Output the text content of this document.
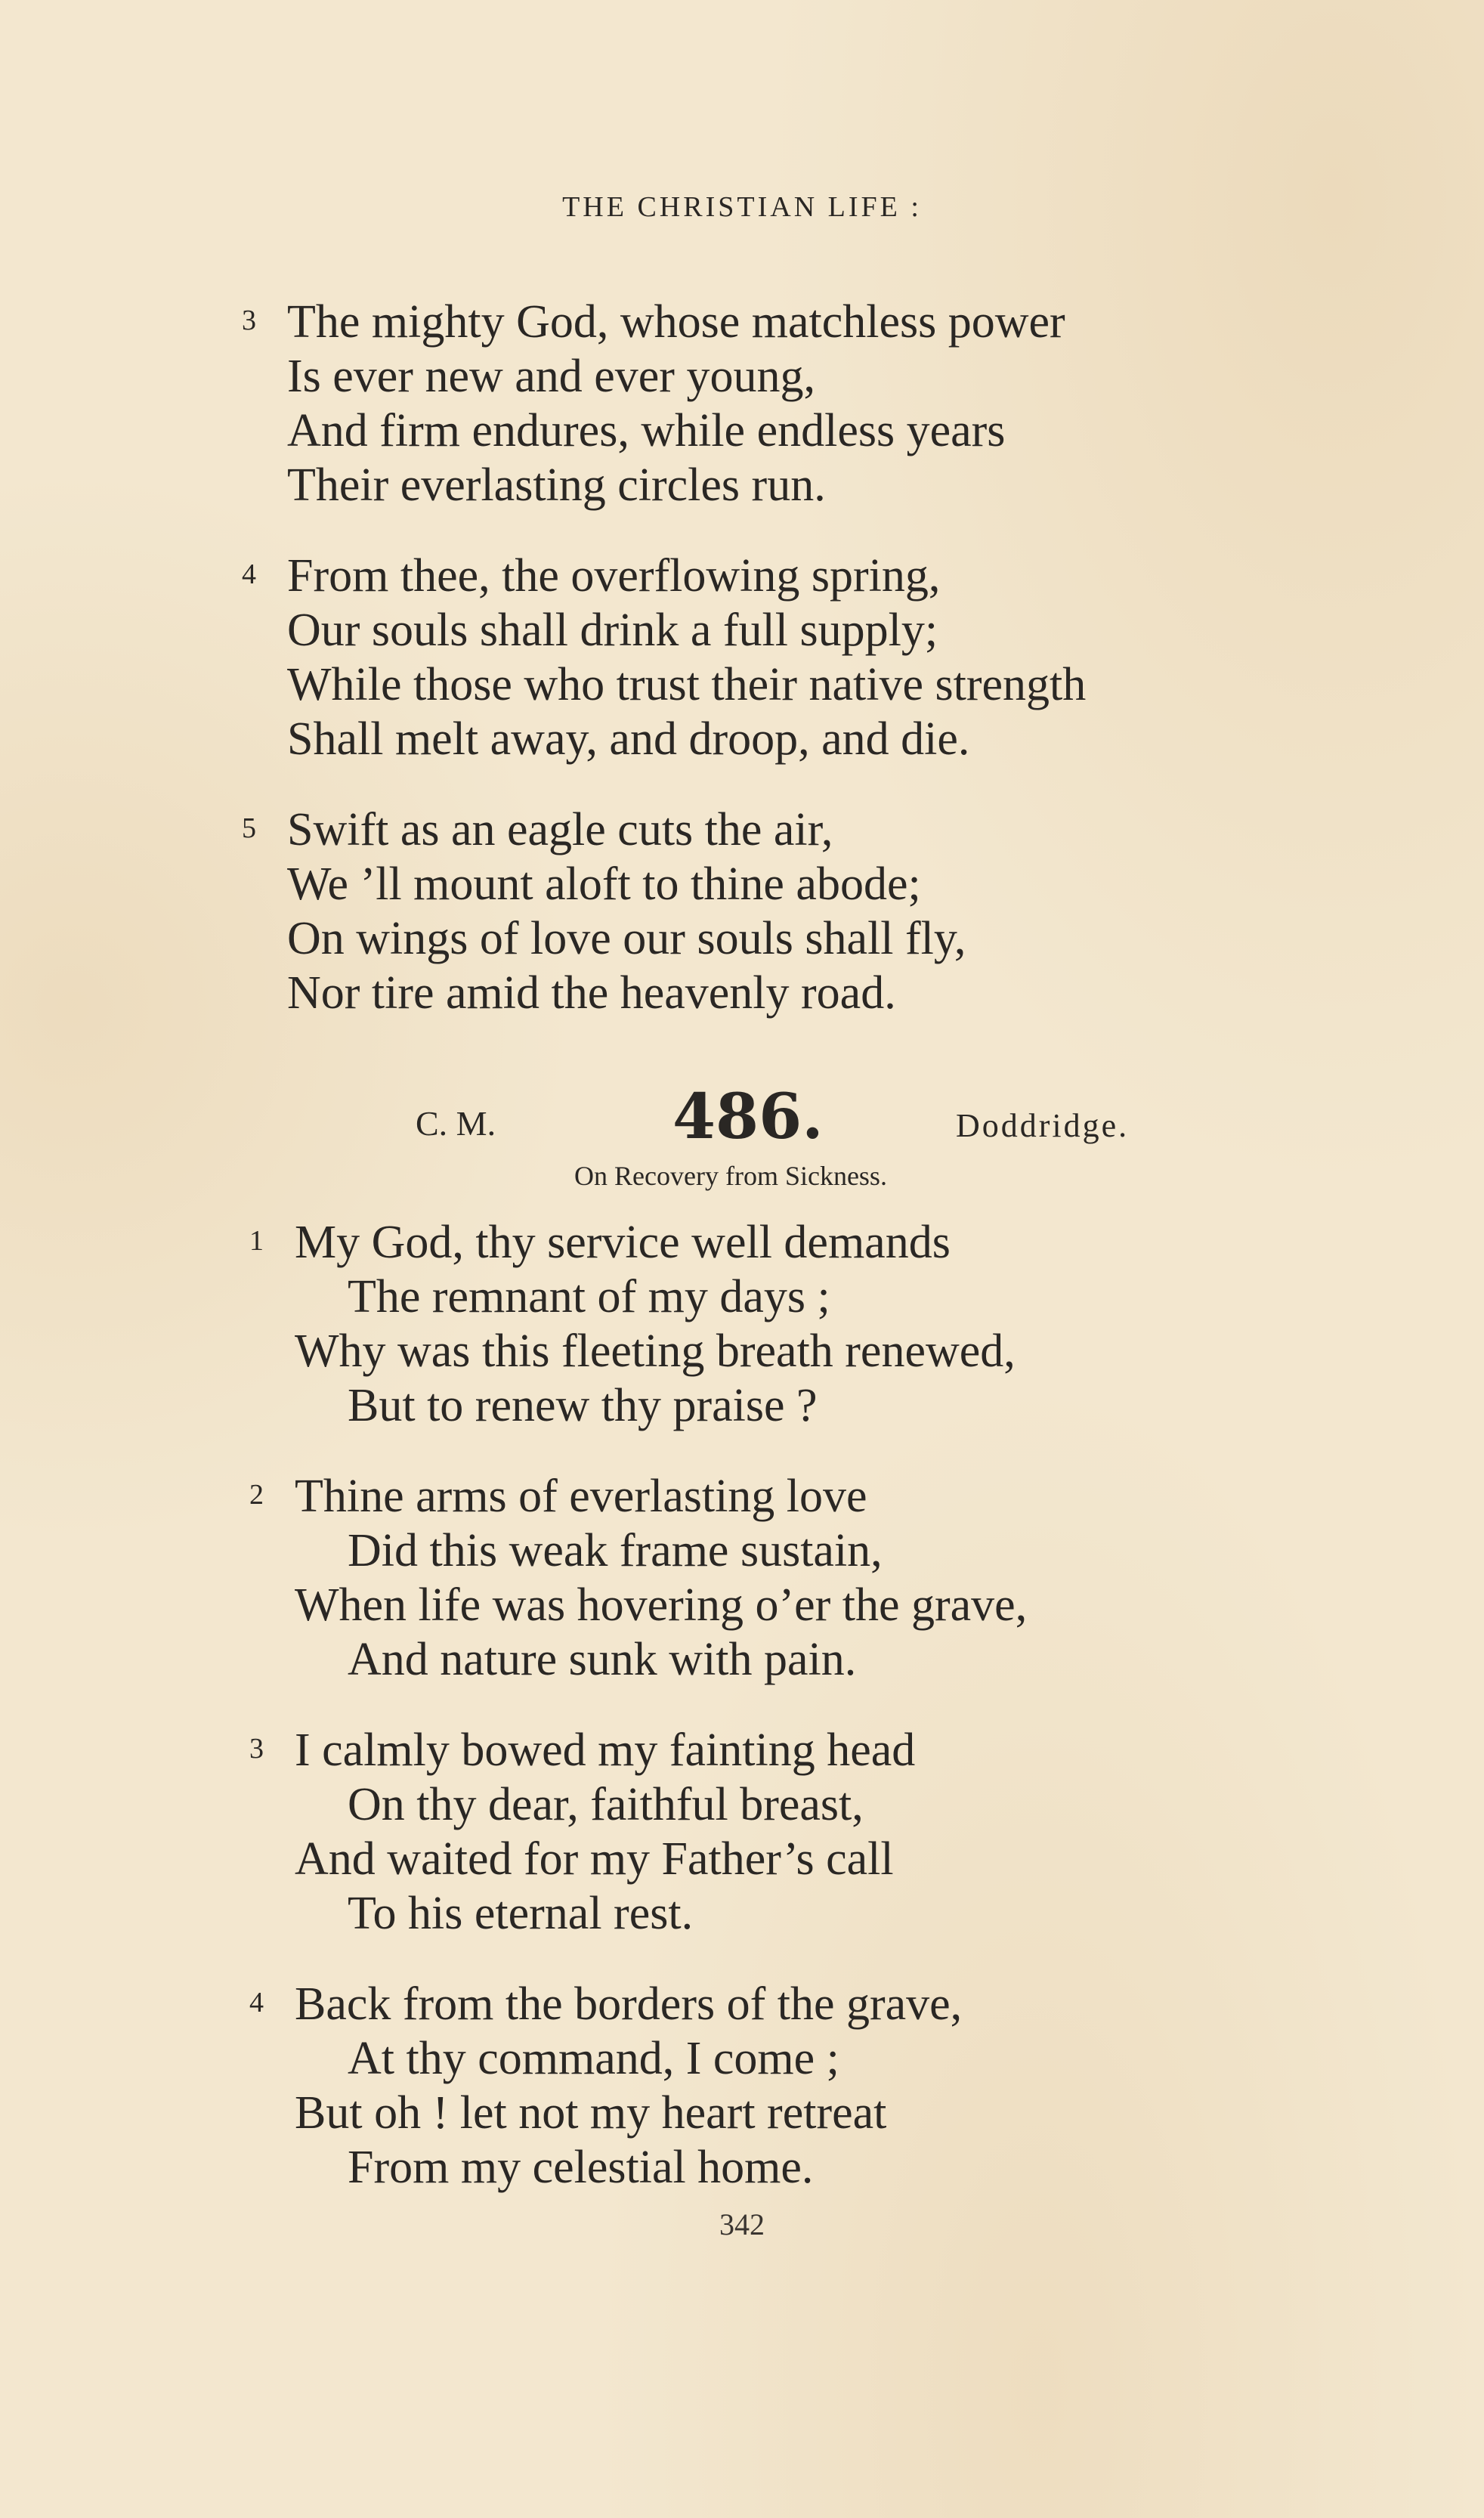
THE CHRISTIAN LIFE :
3 The mighty God, whose matchless power
Is ever new and ever young,
And firm endures, while endless years
Their everlasting circles run.
4 From thee, the overflowing spring,
Our souls shall drink a full supply;
While those who trust their native strength
Shall melt away, and droop, and die.
5 Swift as an eagle cuts the air,
We ’ll mount aloft to thine abode;
On wings of love our souls shall fly,
Nor tire amid the heavenly road.
C. M.	486.	Doddridge.
On Recovery from Sickness.
1 My God, thy service well demands
The remnant of my days ;
Why was this fleeting breath renewed,
But to renew thy praise ?
2 Thine arms of everlasting love
Did this weak frame sustain,
When life was hovering o’er the grave,
And nature sunk with pain.
3 I calmly bowed my fainting head
On thy dear, faithful breast,
And waited for my Father’s call
To his eternal rest.
4 Back from the borders of the grave,
At thy command, I come ;
But oh ! let not my heart retreat
From my celestial home.
342
